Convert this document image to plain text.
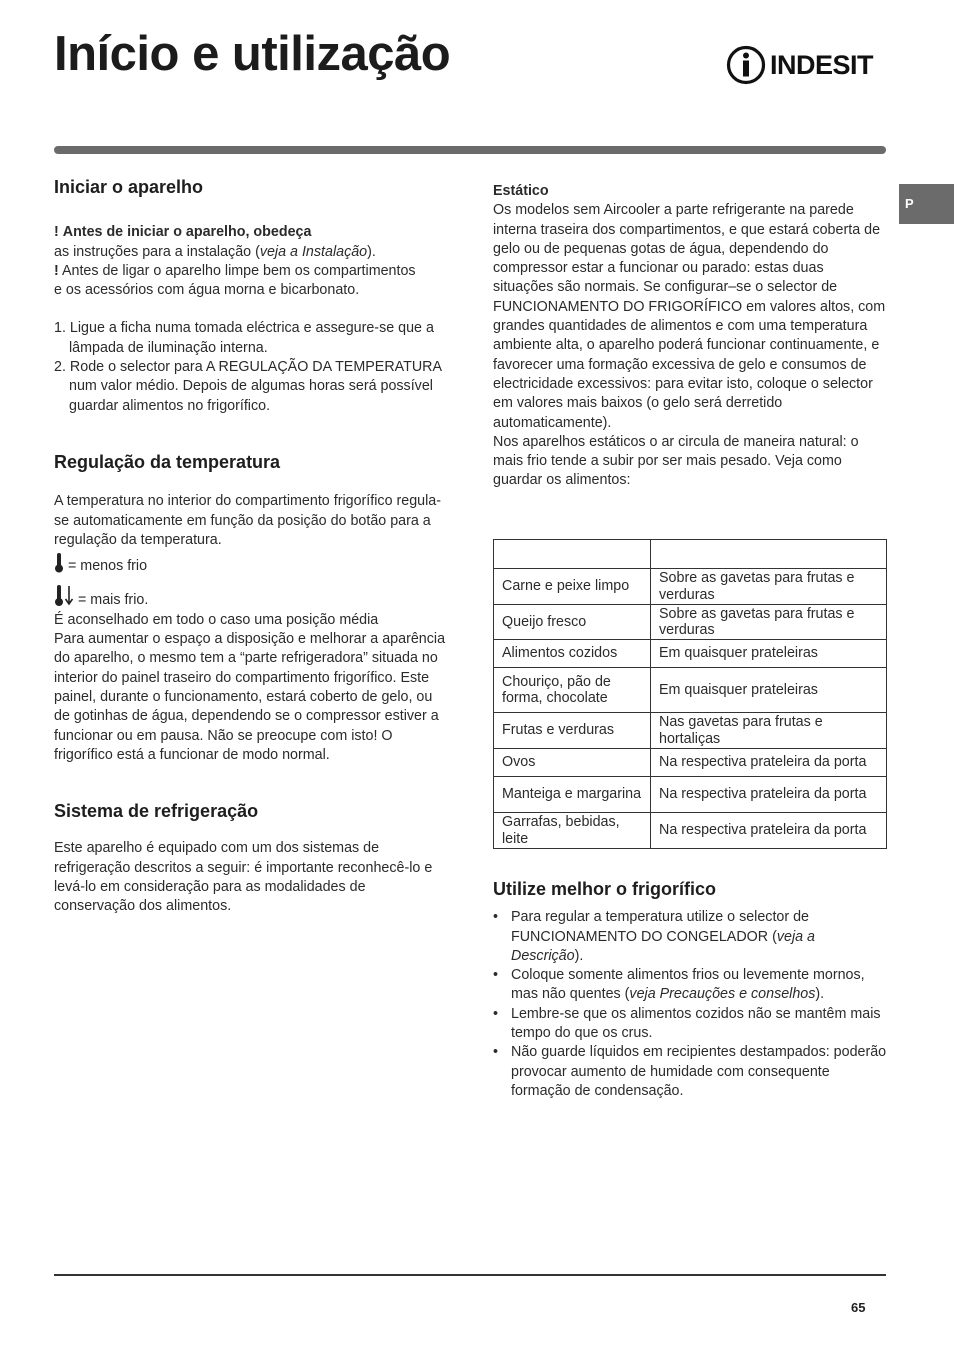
Início e utilização	INDESIT
P
Iniciar o aparelho

! Antes de iniciar o aparelho, obedeça

as instruções para a instalação (veja a Instalação).

! Antes de ligar o aparelho limpe bem os compartimentos

e os acessórios com água morna e bicarbonato.

1. Ligue a ficha numa tomada eléctrica e assegure-se que a lâmpada de iluminação interna.

2. Rode o selector para A REGULAÇÃO DA TEMPERATURA num valor médio. Depois de algumas horas será possível guardar alimentos no frigorífico.

Regulação da temperatura

A temperatura no interior do compartimento frigorífico regula-se automaticamente em função da posição do botão para a regulação da temperatura.

= menos frio

= mais frio.

É aconselhado em todo o caso uma posição média

Para aumentar o espaço a disposição e melhorar a aparência do aparelho, o mesmo tem a “parte refrigeradora” situada no interior do painel traseiro do compartimento frigorífico. Este painel, durante o funcionamento, estará coberto de gelo, ou de gotinhas de água, dependendo se o compressor estiver a funcionar ou em pausa. Não se preocupe com isto! O frigorífico está a funcionar de modo normal.

Sistema de refrigeração

Este aparelho é equipado com um dos sistemas de refrigeração descritos a seguir: é importante reconhecê-lo e levá-lo em consideração para as modalidades de conservação dos alimentos.

Estático

Os modelos sem Aircooler a parte refrigerante na parede interna traseira dos compartimentos, e que estará coberta de gelo ou de pequenas gotas de água, dependendo do compressor estar a funcionar ou parado: estas duas situações são normais. Se configurar–se o selector de FUNCIONAMENTO DO FRIGORÍFICO em valores altos, com grandes quantidades de alimentos e com uma temperatura ambiente alta, o aparelho poderá funcionar continuamente, e favorecer uma formação excessiva de gelo e consumos de electricidade excessivos: para evitar isto, coloque o selector em valores mais baixos (o gelo será derretido automaticamente).

Nos aparelhos estáticos o ar circula de maneira natural: o mais frio tende a subir por ser mais pesado. Veja como guardar os alimentos:

Carne e peixe limpo	Sobre as gavetas para frutas e verduras
Queijo fresco	Sobre as gavetas para frutas e verduras
Alimentos cozidos	Em quaisquer prateleiras
Chouriço, pão de forma, chocolate	Em quaisquer prateleiras
Frutas e verduras	Nas gavetas para frutas e hortaliças
Ovos	Na respectiva prateleira da porta
Manteiga e margarina	Na respectiva prateleira da porta
Garrafas, bebidas, leite	Na respectiva prateleira da porta
Utilize melhor o frigorífico
• Para regular a temperatura utilize o selector de FUNCIONAMENTO DO CONGELADOR (veja a Descrição).
• Coloque somente alimentos frios ou levemente mornos, mas não quentes (veja Precauções e conselhos).
• Lembre-se que os alimentos cozidos não se mantêm mais tempo do que os crus.
• Não guarde líquidos em recipientes destampados: poderão provocar aumento de humidade com consequente formação de condensação.
65
